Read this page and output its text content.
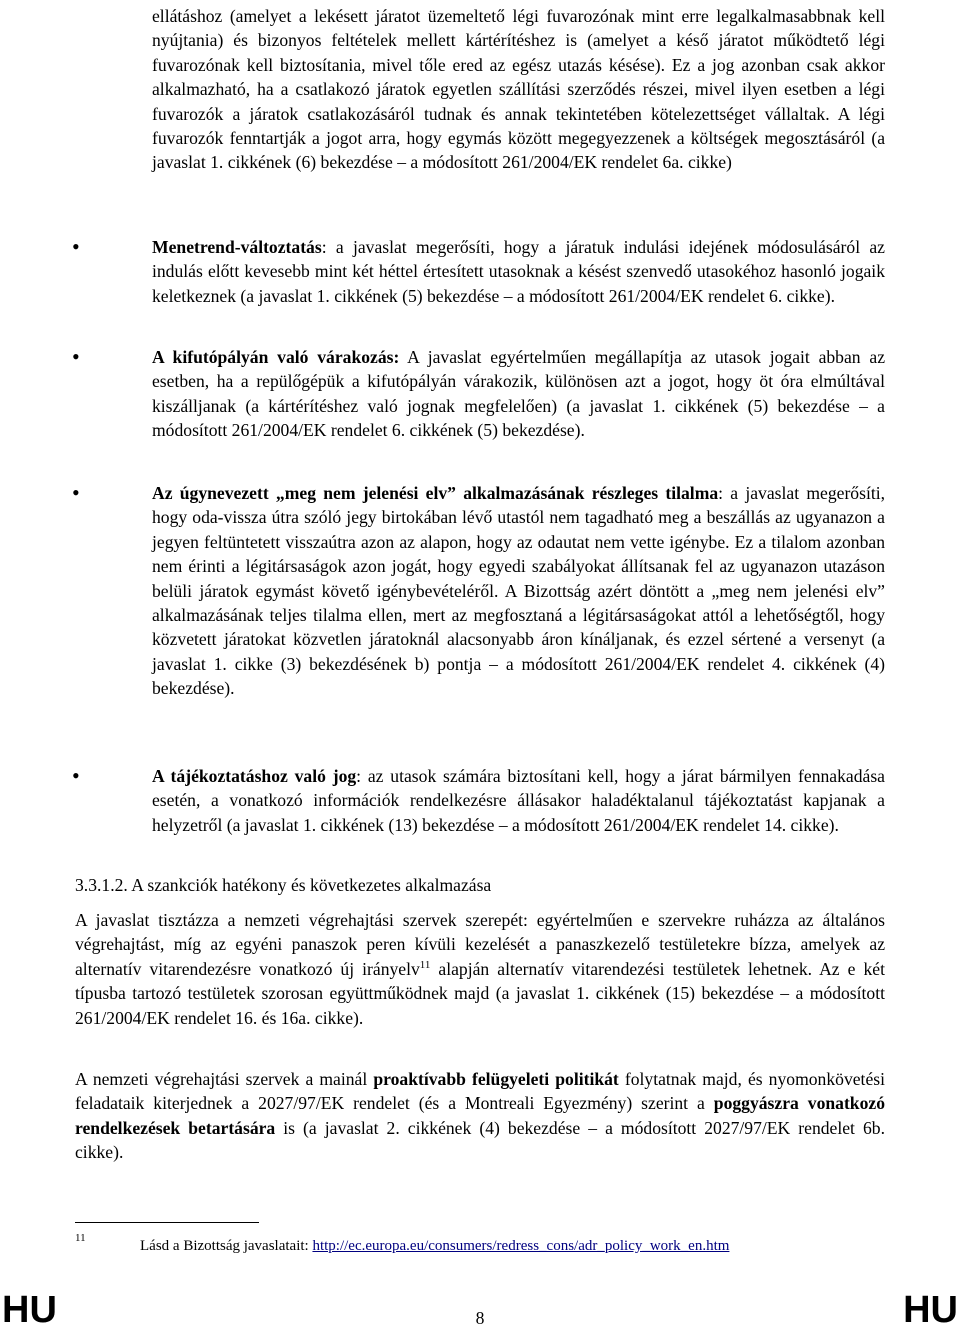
ellátáshoz (amelyet a lekésett járatot üzemeltető légi fuvarozónak mint erre legalkalmasabbnak kell nyújtania) és bizonyos feltételek mellett kártérítéshez is (amelyet a késő járatot működtető légi fuvarozónak kell biztosítania, mivel tőle ered az egész utazás késése). Ez a jog azonban csak akkor alkalmazható, ha a csatlakozó járatok egyetlen szállítási szerződés részei, mivel ilyen esetben a légi fuvarozók a járatok csatlakozásáról tudnak és annak tekintetében kötelezettséget vállaltak. A légi fuvarozók fenntartják a jogot arra, hogy egymás között megegyezzenek a költségek megosztásáról (a javaslat 1. cikkének (6) bekezdése – a módosított 261/2004/EK rendelet 6a. cikke)

•	Menetrend-változtatás: a javaslat megerősíti, hogy a járatuk indulási idejének módosulásáról az indulás előtt kevesebb mint két héttel értesített utasoknak a késést szenvedő utasokéhoz hasonló jogaik keletkeznek (a javaslat 1. cikkének (5) bekezdése – a módosított 261/2004/EK rendelet 6. cikke).

•	A kifutópályán való várakozás: A javaslat egyértelműen megállapítja az utasok jogait abban az esetben, ha a repülőgépük a kifutópályán várakozik, különösen azt a jogot, hogy öt óra elmúltával kiszálljanak (a kártérítéshez való jognak megfelelően) (a javaslat 1. cikkének (5) bekezdése – a módosított 261/2004/EK rendelet 6. cikkének (5) bekezdése).

•	Az úgynevezett „meg nem jelenési elv” alkalmazásának részleges tilalma: a javaslat megerősíti, hogy oda-vissza útra szóló jegy birtokában lévő utastól nem tagadható meg a beszállás az ugyanazon a jegyen feltüntetett visszaútra azon az alapon, hogy az odautat nem vette igénybe. Ez a tilalom azonban nem érinti a légitársaságok azon jogát, hogy egyedi szabályokat állítsanak fel az ugyanazon utazáson belüli járatok egymást követő igénybevételéről. A Bizottság azért döntött a „meg nem jelenési elv” alkalmazásának teljes tilalma ellen, mert az megfosztaná a légitársaságokat attól a lehetőségtől, hogy közvetett járatokat közvetlen járatoknál alacsonyabb áron kínáljanak, és ezzel sértené a versenyt (a javaslat 1. cikke (3) bekezdésének b) pontja – a módosított 261/2004/EK rendelet 4. cikkének (4) bekezdése).

•	A tájékoztatáshoz való jog: az utasok számára biztosítani kell, hogy a járat bármilyen fennakadása esetén, a vonatkozó információk rendelkezésre állásakor haladéktalanul tájékoztatást kapjanak a helyzetről (a javaslat 1. cikkének (13) bekezdése – a módosított 261/2004/EK rendelet 14. cikke).

3.3.1.2. A szankciók hatékony és következetes alkalmazása

A javaslat tisztázza a nemzeti végrehajtási szervek szerepét: egyértelműen e szervekre ruházza az általános végrehajtást, míg az egyéni panaszok peren kívüli kezelését a panaszkezelő testületekre bízza, amelyek az alternatív vitarendezésre vonatkozó új irányelv$^{11}$ alapján alternatív vitarendezési testületek lehetnek. Az e két típusba tartozó testületek szorosan együttműködnek majd (a javaslat 1. cikkének (15) bekezdése – a módosított 261/2004/EK rendelet 16. és 16a. cikke).

A nemzeti végrehajtási szervek a mainál proaktívabb felügyeleti politikát folytatnak majd, és nyomonkövetési feladataik kiterjednek a 2027/97/EK rendelet (és a Montreali Egyezmény) szerint a poggyászra vonatkozó rendelkezések betartására is (a javaslat 2. cikkének (4) bekezdése – a módosított 2027/97/EK rendelet 6b. cikke).

11	Lásd a Bizottság javaslatait: http://ec.europa.eu/consumers/redress_cons/adr_policy_work_en.htm
HU	8	HU
